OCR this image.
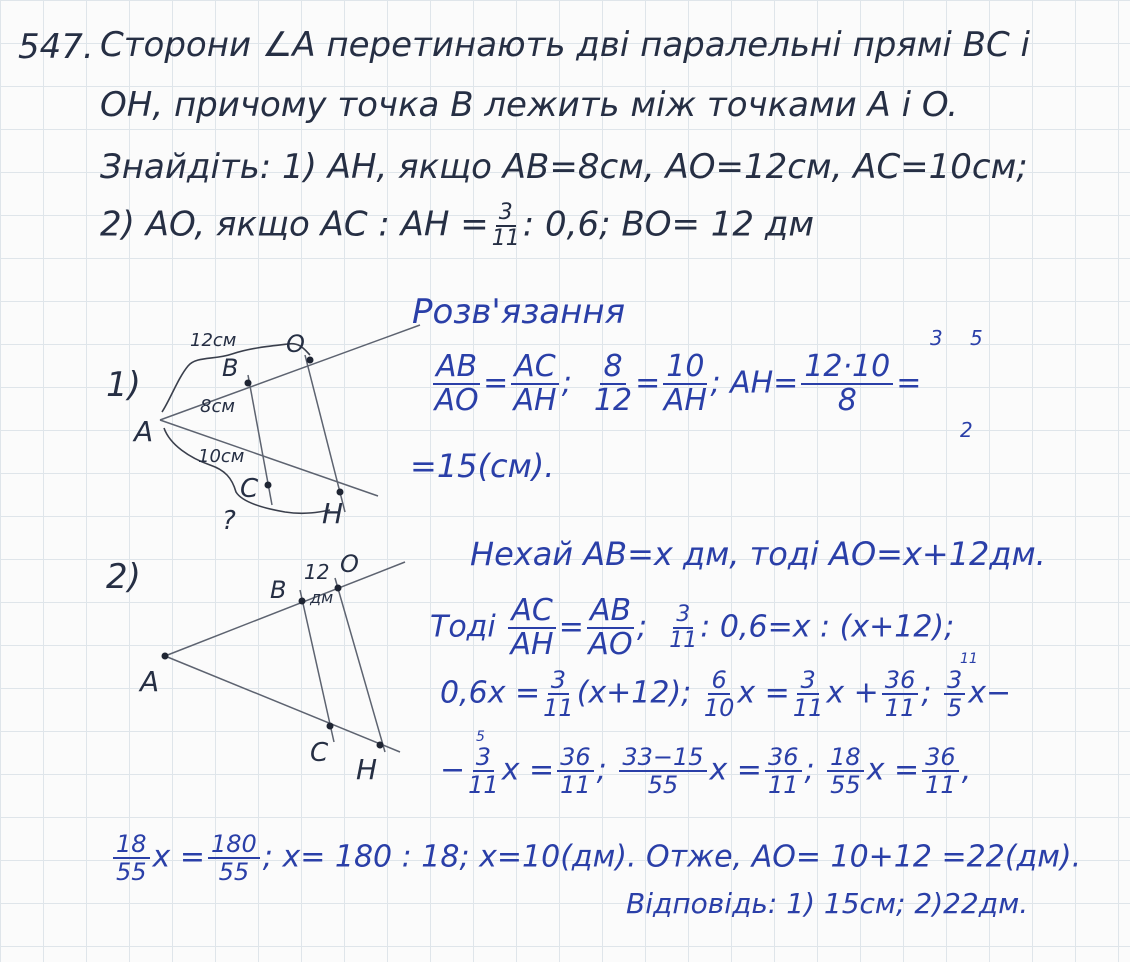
547. Сторони ∠A перетинають дві паралельні прямі BC і
OH, причому точка B лежить між точками A і O.
Знайдіть: 1) AH, якщо AB=8см, AO=12см, AC=10см;
2) AO, якщо AC : AH = $\frac{3}{11}$ : 0,6; BO= 12 дм
1)
A
B
O
C
H
12см
8см
10см
?
Розв'язання
$\frac{AB}{AO} = \frac{AC}{AH}$ ; $\frac{8}{12} = \frac{10}{AH}$ ; $AH= \frac{12\cdot 10}{8}$ =
3 5
2
=15(см).
2)
A
B
O
C H
12
дм
Нехай AB=x дм, тоді AO=x+12дм.
Тоді $\frac{AC}{AH} = \frac{AB}{AO}$ ; $\frac{3}{11}$ : 0,6=x : (x+12);
$0,6x = \frac{3}{11} (x+12)$; $\frac{6}{10}$ $x = \frac{3}{11}$ $x + \frac{36}{11}$ ; $\frac{3}{5} x-$
11
− $\frac{3}{11}$ $x = \frac{36}{11}$ ; $\frac{33-15}{55}$ $x = \frac{36}{11}$ ; $\frac{18}{55}$ $x = \frac{36}{11}$ ,
5
$\frac{18}{55}$ $x = \frac{180}{55}$ ; x= 180 : 18; x=10(дм). Отже, AO= 10+12 =22(дм).
Відповідь: 1) 15см; 2)22дм.
